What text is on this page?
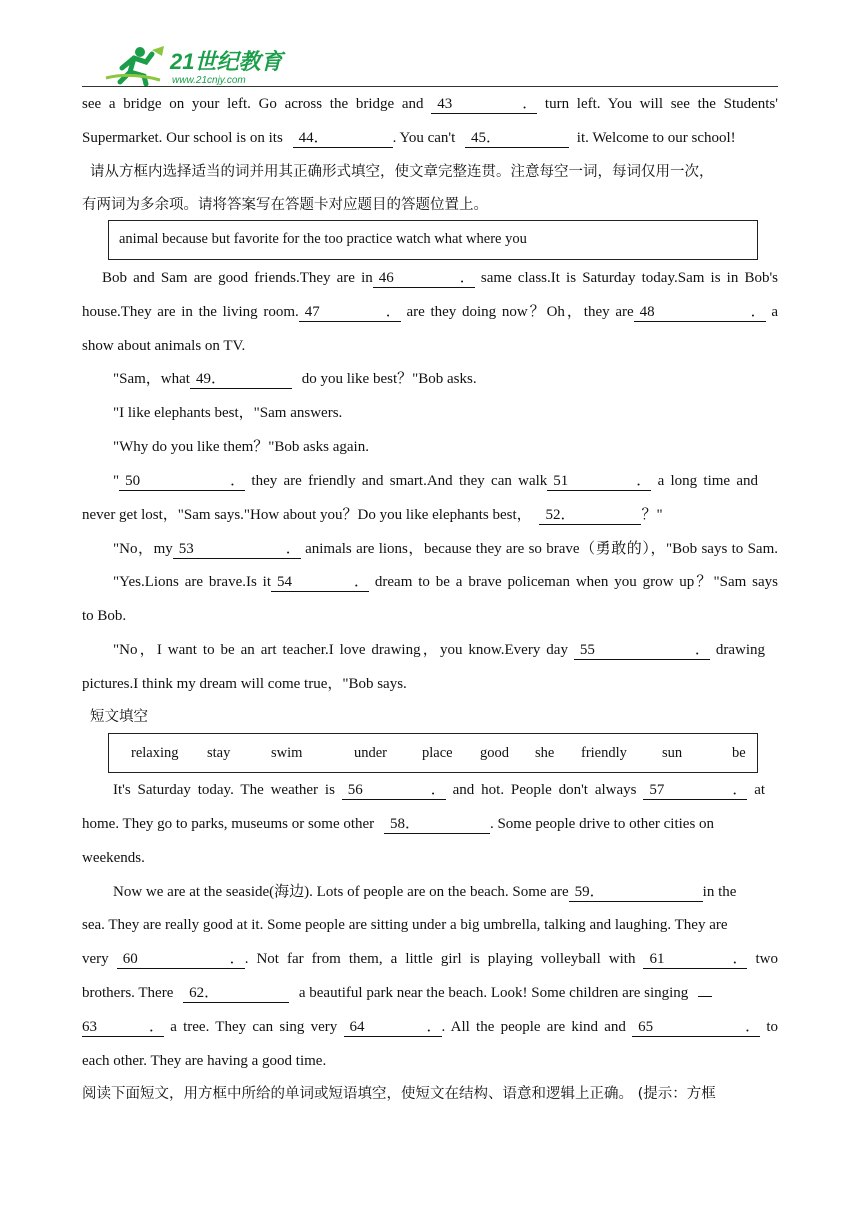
21世纪教育
www.21cnjy.com
see a bridge on your left. Go across the bridge and 43． turn left. You will see the Students'
Supermarket. Our school is on its 44．	. You can't 45．	it. Welcome to our school!
请从方框内选择适当的词并用其正确形式填空，使文章完整连贯。注意每空一词，每词仅用一次，
有两词为多余项。请将答案写在答题卡对应题目的答题位置上。
animal because but favorite for the too practice watch what where you
Bob and Sam are good friends.They are in 46． same class.It is Saturday today.Sam is in Bob's
house.They are in the living room. 47． are they doing now？Oh，they are 48． a
show about animals on TV.
"Sam，what 49．	do you like best？"Bob asks.
"I like elephants best，"Sam answers.
"Why do you like them？"Bob asks again.
" 50． they are friendly and smart.And they can walk 51． a long time and
never get lost，"Sam says."How about you？Do you like elephants best， 52．	？"
"No，my 53． animals are lions，because they are so brave（勇敢的），"Bob says to Sam.
"Yes.Lions are brave.Is it 54． dream to be a brave policeman when you grow up？"Sam says
to Bob.
"No，I want to be an art teacher.I love drawing，you know.Every day 55． drawing
pictures.I think my dream will come true，"Bob says.
短文填空
relaxing stay	swim	under place good she friendly sun	be
It's Saturday today. The weather is 56． and hot. People don't always 57． at
home. They go to parks, museums or some other 58．	. Some people drive to other cities on
weekends.
Now we are at the seaside(海边). Lots of people are on the beach. Some are 59．	in the
sea. They are really good at it. Some people are sitting under a big umbrella, talking and laughing. They are
very 60．. Not far from them, a little girl is playing volleyball with 61． two
brothers. There 62．	a beautiful park near the beach. Look! Some children are singing
63． a tree. They can sing very 64．. All the people are kind and 65． to
each other. They are having a good time.
阅读下面短文，用方框中所给的单词或短语填空，使短文在结构、语意和逻辑上正确。 (提示：方框
